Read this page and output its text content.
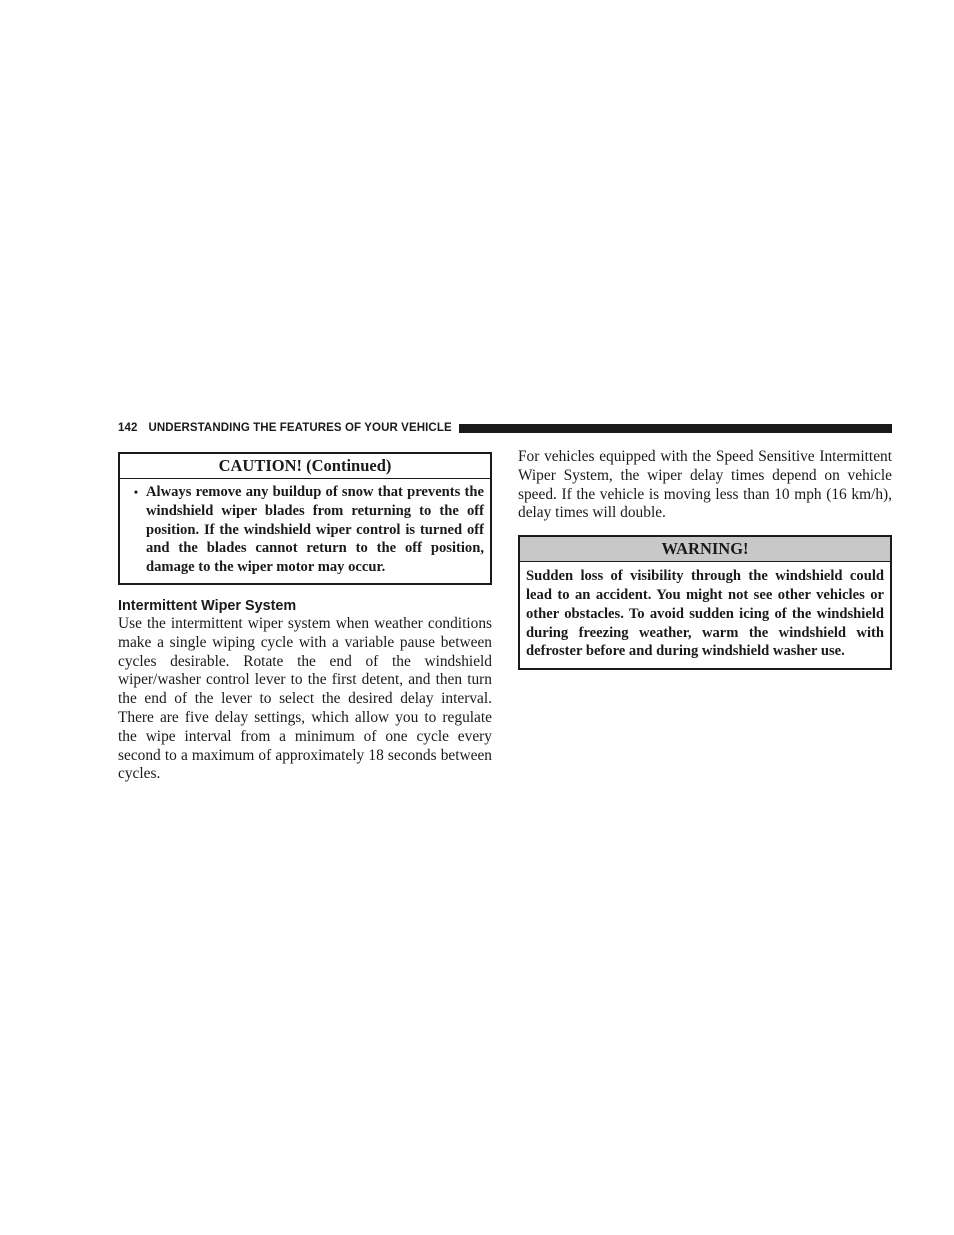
142 UNDERSTANDING THE FEATURES OF YOUR VEHICLE
CAUTION! (Continued)
• Always remove any buildup of snow that prevents the windshield wiper blades from returning to the off position. If the windshield wiper control is turned off and the blades cannot return to the off position, damage to the wiper motor may occur.
Intermittent Wiper System

Use the intermittent wiper system when weather conditions make a single wiping cycle with a variable pause between cycles desirable. Rotate the end of the windshield wiper/washer control lever to the first detent, and then turn the end of the lever to select the desired delay interval. There are five delay settings, which allow you to regulate the wipe interval from a minimum of one cycle every second to a maximum of approximately 18 seconds between cycles.

For vehicles equipped with the Speed Sensitive Intermittent Wiper System, the wiper delay times depend on vehicle speed. If the vehicle is moving less than 10 mph (16 km/h), delay times will double.

WARNING!
Sudden loss of visibility through the windshield could lead to an accident. You might not see other vehicles or other obstacles. To avoid sudden icing of the windshield during freezing weather, warm the windshield with defroster before and during windshield washer use.
